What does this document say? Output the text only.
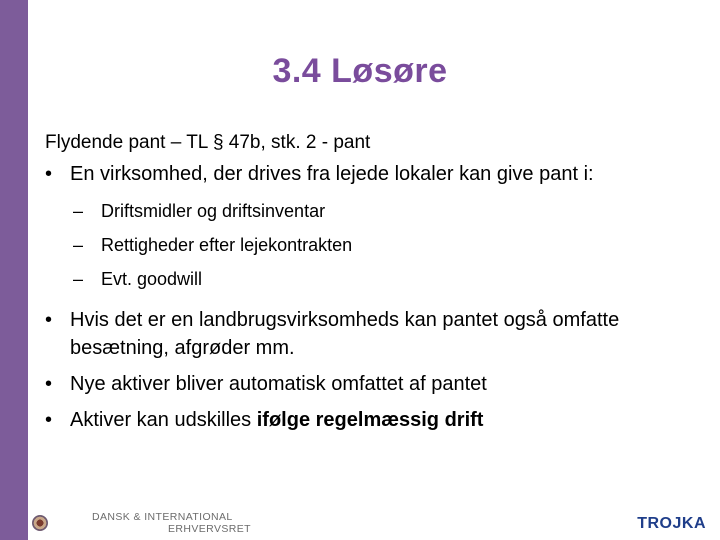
3.4 Løsøre

Flydende pant – TL § 47b, stk. 2 - pant

• En virksomhed, der drives fra lejede lokaler kan give pant i:

– Driftsmidler og driftsinventar
– Rettigheder efter lejekontrakten
– Evt. goodwill

• Hvis det er en landbrugsvirksomheds kan pantet også omfatte besætning, afgrøder mm.

• Nye aktiver bliver automatisk omfattet af pantet

• Aktiver kan udskilles ifølge regelmæssig drift

DANSK & INTERNATIONAL
ERHVERVSRET	TROJKA
